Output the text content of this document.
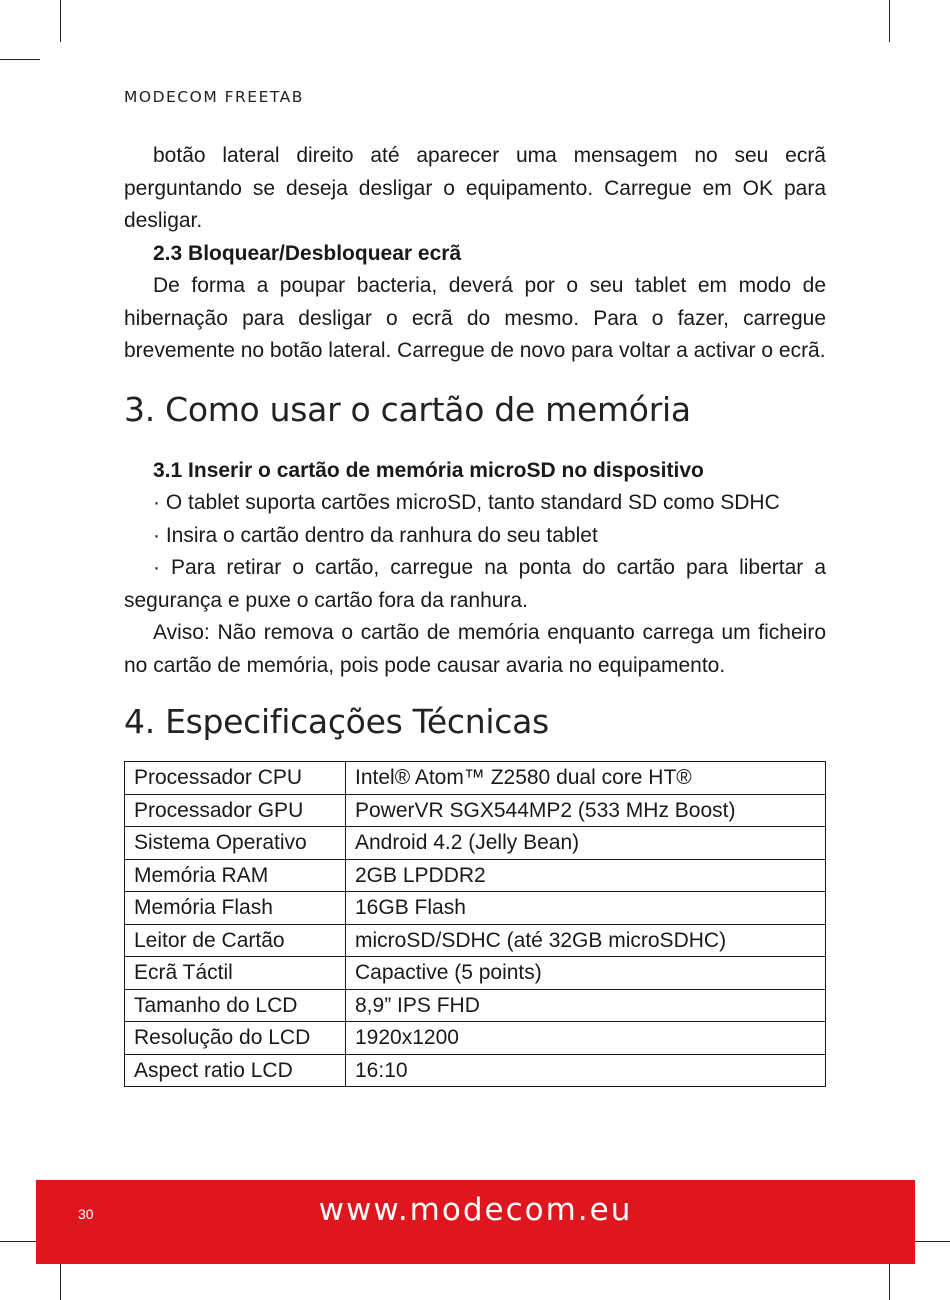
MODECOM FREETAB

botão lateral direito até aparecer uma mensagem no seu ecrã perguntando se deseja desligar o equipamento. Carregue em OK para desligar.

2.3 Bloquear/Desbloquear ecrã

De forma a poupar bacteria, deverá por o seu tablet em modo de hibernação para desligar o ecrã do mesmo. Para o fazer, carregue brevemente no botão lateral. Carregue de novo para voltar a activar o ecrã.

3. Como usar o cartão de memória

3.1 Inserir o cartão de memória microSD no dispositivo

· O tablet suporta cartões microSD, tanto standard SD como SDHC

· Insira o cartão dentro da ranhura do seu tablet

· Para retirar o cartão, carregue na ponta do cartão para libertar a segurança e puxe o cartão fora da ranhura.

Aviso: Não remova o cartão de memória enquanto carrega um ficheiro no cartão de memória, pois pode causar avaria no equipamento.

4. Especificações Técnicas
Processador CPU	Intel® Atom™ Z2580 dual core HT®
Processador GPU	PowerVR SGX544MP2 (533 MHz Boost)
Sistema Operativo	Android 4.2 (Jelly Bean)
Memória RAM	2GB LPDDR2
Memória Flash	16GB Flash
Leitor de Cartão	microSD/SDHC (até 32GB microSDHC)
Ecrã Táctil	Capactive (5 points)
Tamanho do LCD	8,9” IPS FHD
Resolução do LCD	1920x1200
Aspect ratio LCD	16:10
30	www.modecom.eu
